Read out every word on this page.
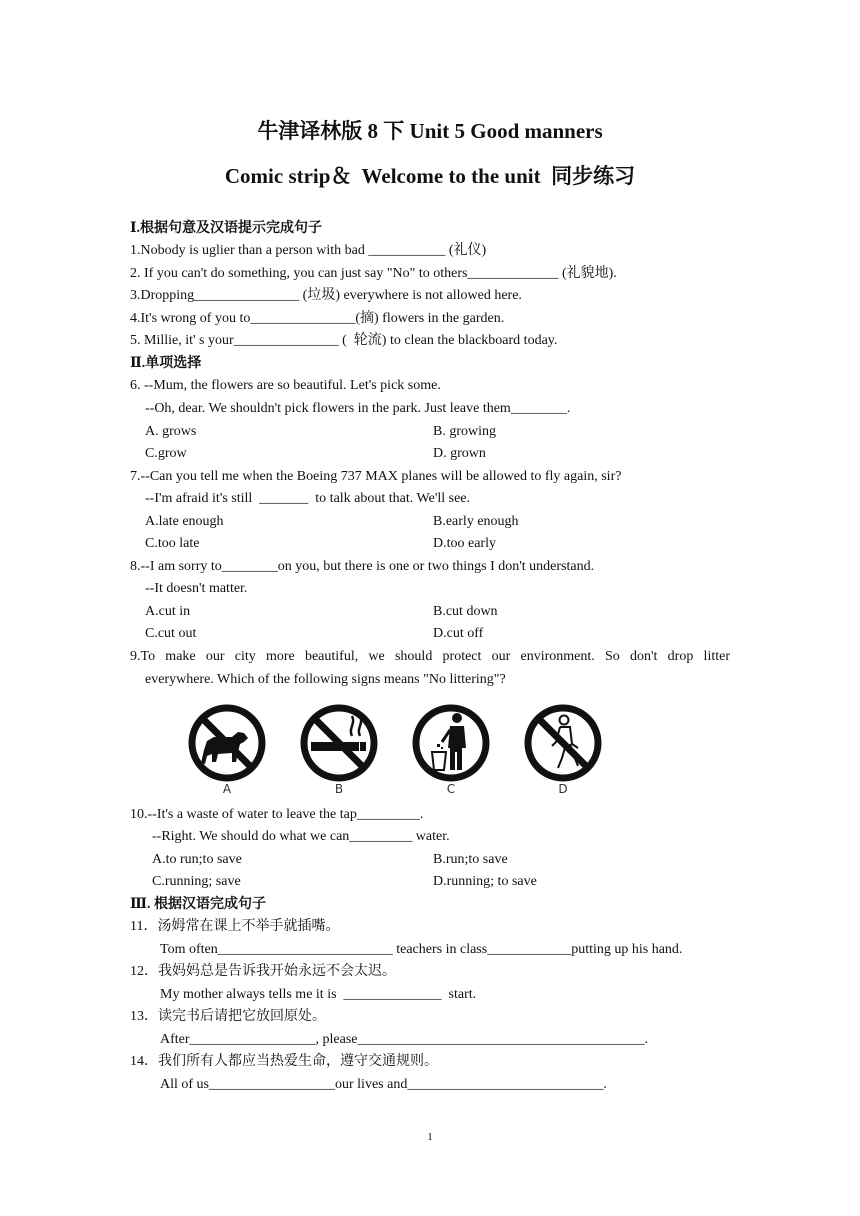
牛津译林版 8 下 Unit 5 Good manners
Comic strip＆  Welcome to the unit  同步练习
Ⅰ.根据句意及汉语提示完成句子
1.Nobody is uglier than a person with bad ___________ (礼仪)
2. If you can't do something, you can just say "No" to others_____________ (礼貌地).
3.Dropping_______________ (垃圾) everywhere is not allowed here.
4.It's wrong of you to_______________(摘) flowers in the garden.
5. Millie, it' s your_______________ (  轮流) to clean the blackboard today.
Ⅱ.单项选择
6. --Mum, the flowers are so beautiful. Let's pick some.
--Oh, dear. We shouldn't pick flowers in the park. Just leave them________.
A. grows	B. growing
C.grow	D. grown
7.--Can you tell me when the Boeing 737 MAX planes will be allowed to fly again, sir?
--I'm afraid it's still  _______  to talk about that. We'll see.
A.late enough	B.early enough
C.too late	D.too early
8.--I am sorry to________on you, but there is one or two things I don't understand.
--It doesn't matter.
A.cut in	B.cut down
C.cut out	D.cut off
9.To make our city more beautiful, we should protect our environment. So don't drop litter
everywhere. Which of the following signs means "No littering"?
A	B	C	D
10.--It's a waste of water to leave the tap_________.
--Right. We should do what we can_________ water.
A.to run;to save	B.run;to save
C.running; save	D.running; to save
Ⅲ. 根据汉语完成句子
11．汤姆常在课上不举手就插嘴。
Tom often_________________________ teachers in class____________putting up his hand.
12．我妈妈总是告诉我开始永远不会太迟。
My mother always tells me it is  ______________  start.
13．读完书后请把它放回原处。
After__________________, please_________________________________________.
14．我们所有人都应当热爱生命，遵守交通规则。
All of us__________________our lives and____________________________.
1
